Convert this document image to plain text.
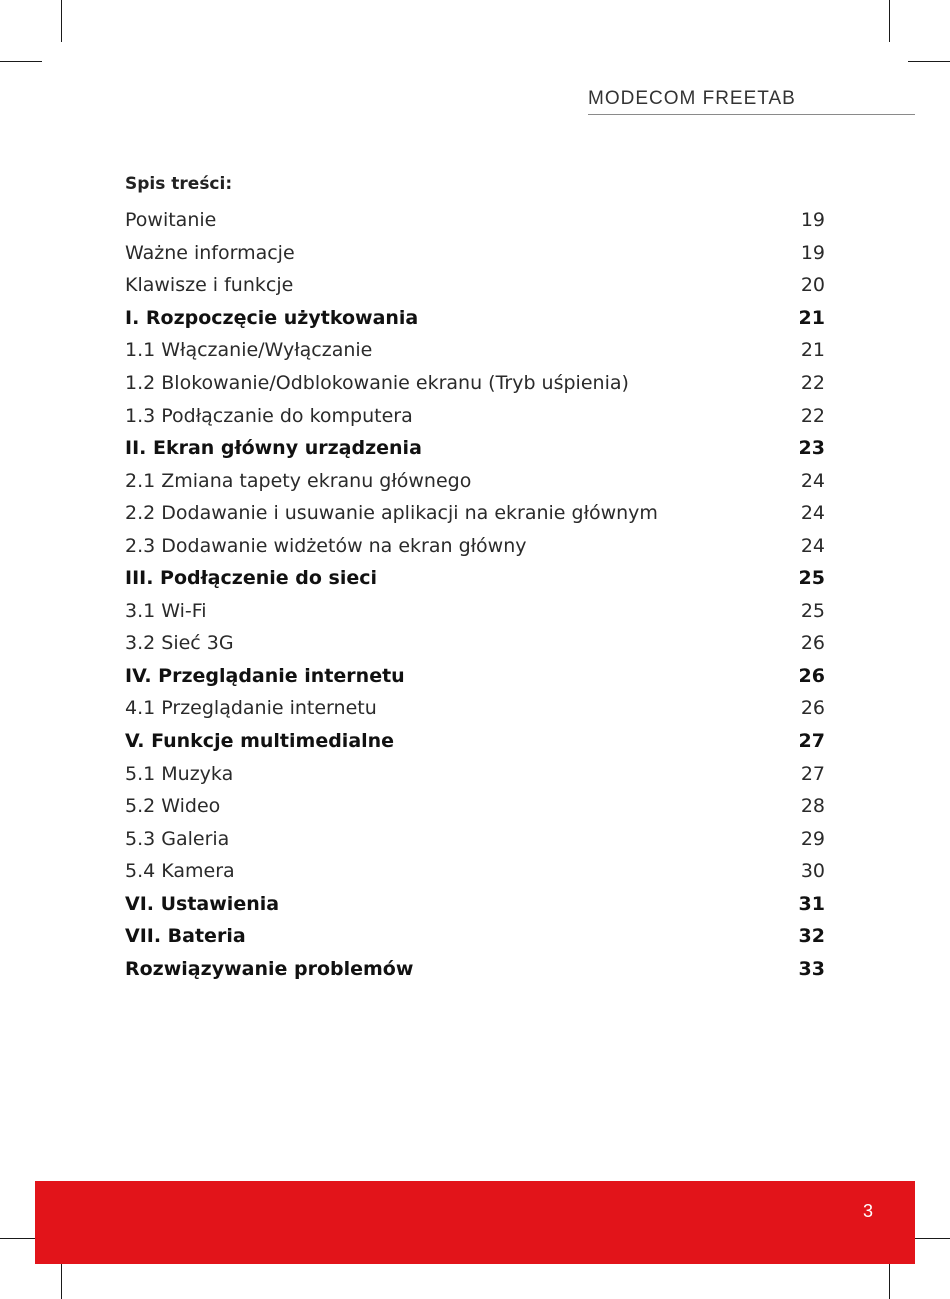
MODECOM FREETAB
Spis treści:
Powitanie	19
Ważne informacje	19
Klawisze i funkcje	20
I. Rozpoczęcie użytkowania	21
1.1 Włączanie/Wyłączanie	21
1.2 Blokowanie/Odblokowanie ekranu (Tryb uśpienia)	22
1.3 Podłączanie do komputera	22
II. Ekran główny urządzenia	23
2.1 Zmiana tapety ekranu głównego	24
2.2 Dodawanie i usuwanie aplikacji na ekranie głównym	24
2.3 Dodawanie widżetów na ekran główny	24
III. Podłączenie do sieci	25
3.1 Wi-Fi	25
3.2 Sieć 3G	26
IV. Przeglądanie internetu	26
4.1 Przeglądanie internetu	26
V. Funkcje multimedialne	27
5.1 Muzyka	27
5.2 Wideo	28
5.3 Galeria	29
5.4 Kamera	30
VI. Ustawienia	31
VII. Bateria	32
Rozwiązywanie problemów	33
3
